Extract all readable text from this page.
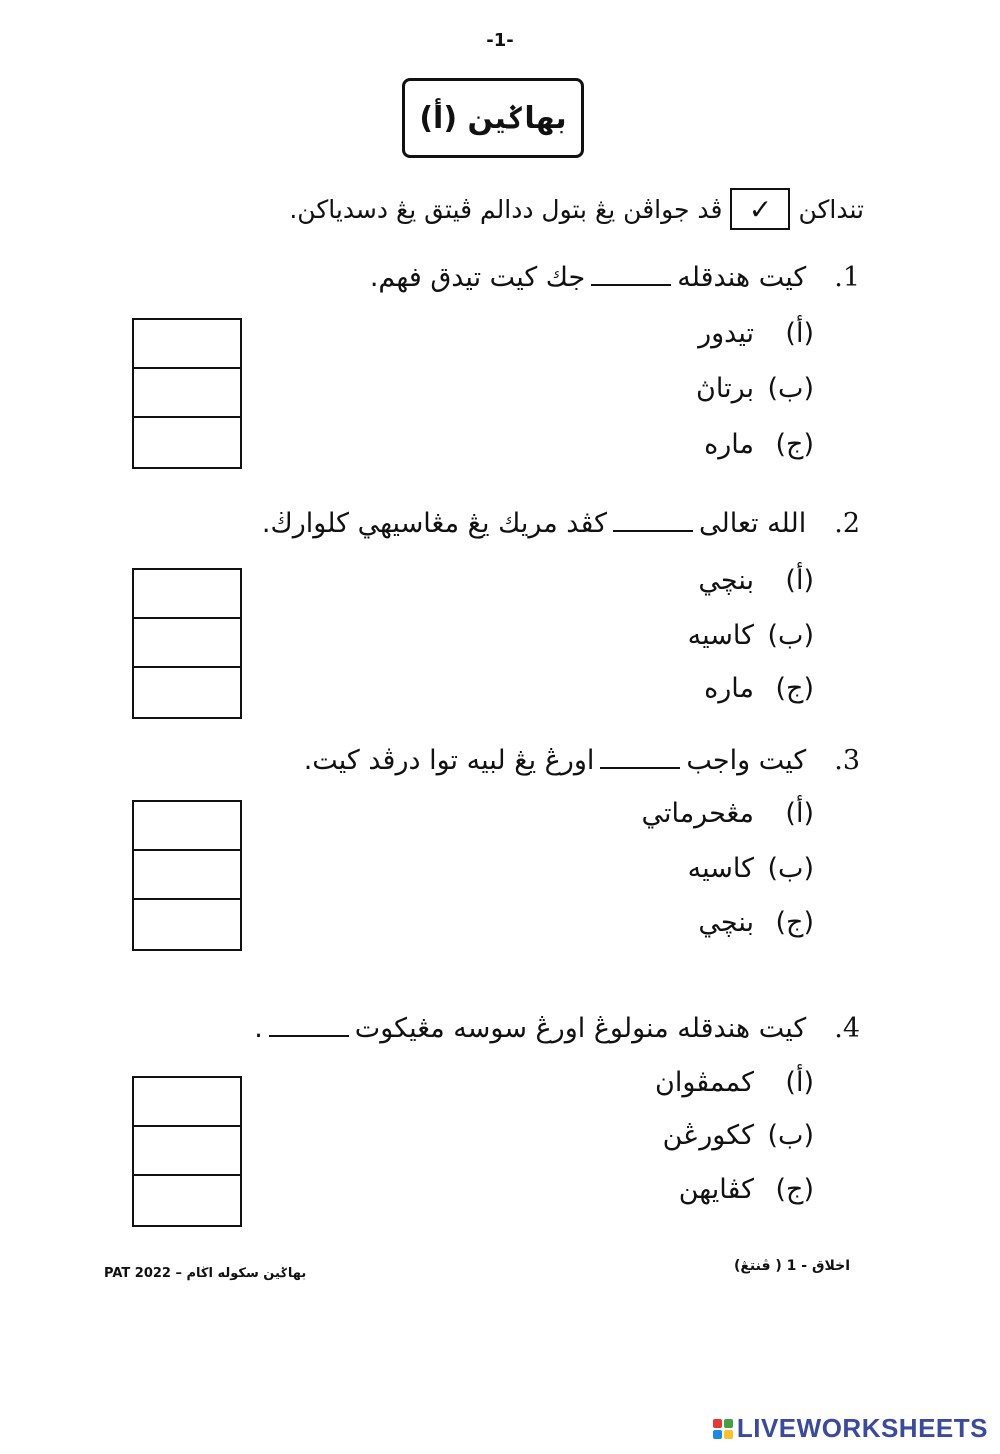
-1-
بهاݢين (أ)
تنداكن
✓
ڤد جواڤن يڠ بتول ددالم ڤيتق يڠ دسدياكن.
1.
كيت هندقله
جك كيت تيدق فهم.
(أ)
تيدور
(ب)
برتاڽ
(ج)
ماره
2.
الله تعالى
كڤد مريك يڠ مڠاسيهي كلوارڬ.
(أ)
بنچي
(ب)
كاسيه
(ج)
ماره
3.
كيت واجب
اورڠ يڠ لبيه توا درڤد كيت.
(أ)
مڠحرماتي
(ب)
كاسيه
(ج)
بنچي
4.
كيت هندقله منولوڠ اورڠ سوسه مڠيكوت
.
(أ)
كممڤوان
(ب)
ككورڠن
(ج)
كڤايهن
بهاݢين سكوله اڬام – PAT 2022	اخلاق - 1 ( ڤنتڠ)
LIVEWORKSHEETS
